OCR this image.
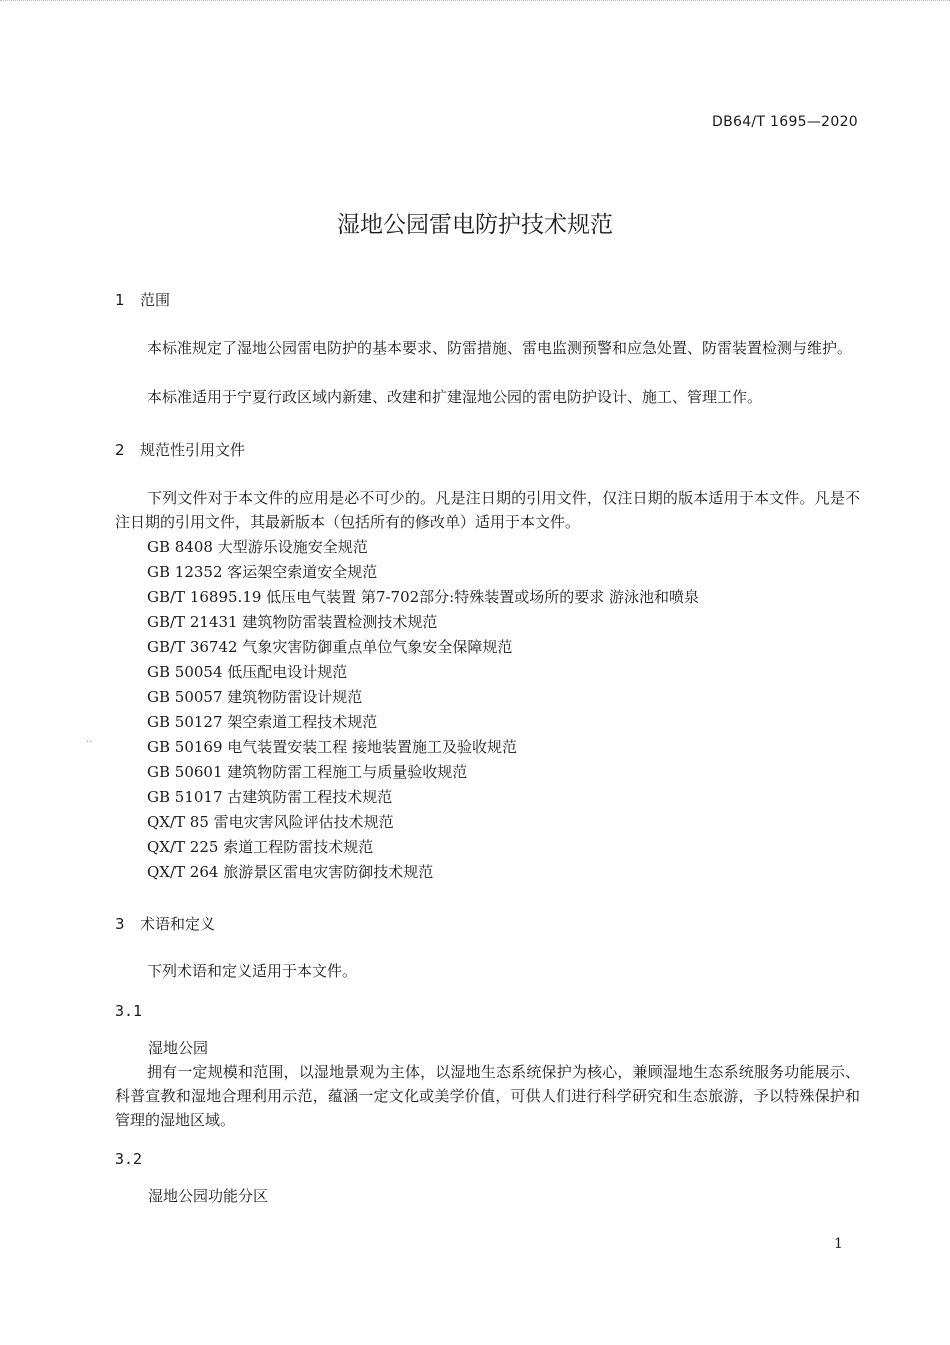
DB64/T 1695—2020
湿地公园雷电防护技术规范
1 范围
本标准规定了湿地公园雷电防护的基本要求、防雷措施、雷电监测预警和应急处置、防雷装置检测与维护。
本标准适用于宁夏行政区域内新建、改建和扩建湿地公园的雷电防护设计、施工、管理工作。
2 规范性引用文件
下列文件对于本文件的应用是必不可少的。凡是注日期的引用文件，仅注日期的版本适用于本文件。凡是不注日期的引用文件，其最新版本（包括所有的修改单）适用于本文件。
GB 8408 大型游乐设施安全规范
GB 12352 客运架空索道安全规范
GB/T 16895.19 低压电气装置 第7-702部分:特殊装置或场所的要求 游泳池和喷泉
GB/T 21431 建筑物防雷装置检测技术规范
GB/T 36742 气象灾害防御重点单位气象安全保障规范
GB 50054 低压配电设计规范
GB 50057 建筑物防雷设计规范
GB 50127 架空索道工程技术规范
GB 50169 电气装置安装工程 接地装置施工及验收规范
GB 50601 建筑物防雷工程施工与质量验收规范
GB 51017 古建筑防雷工程技术规范
QX/T 85 雷电灾害风险评估技术规范
QX/T 225 索道工程防雷技术规范
QX/T 264 旅游景区雷电灾害防御技术规范
‥
3 术语和定义
下列术语和定义适用于本文件。
3.1
湿地公园
拥有一定规模和范围，以湿地景观为主体，以湿地生态系统保护为核心，兼顾湿地生态系统服务功能展示、科普宣教和湿地合理利用示范，蕴涵一定文化或美学价值，可供人们进行科学研究和生态旅游，予以特殊保护和管理的湿地区域。
3.2
湿地公园功能分区
1
